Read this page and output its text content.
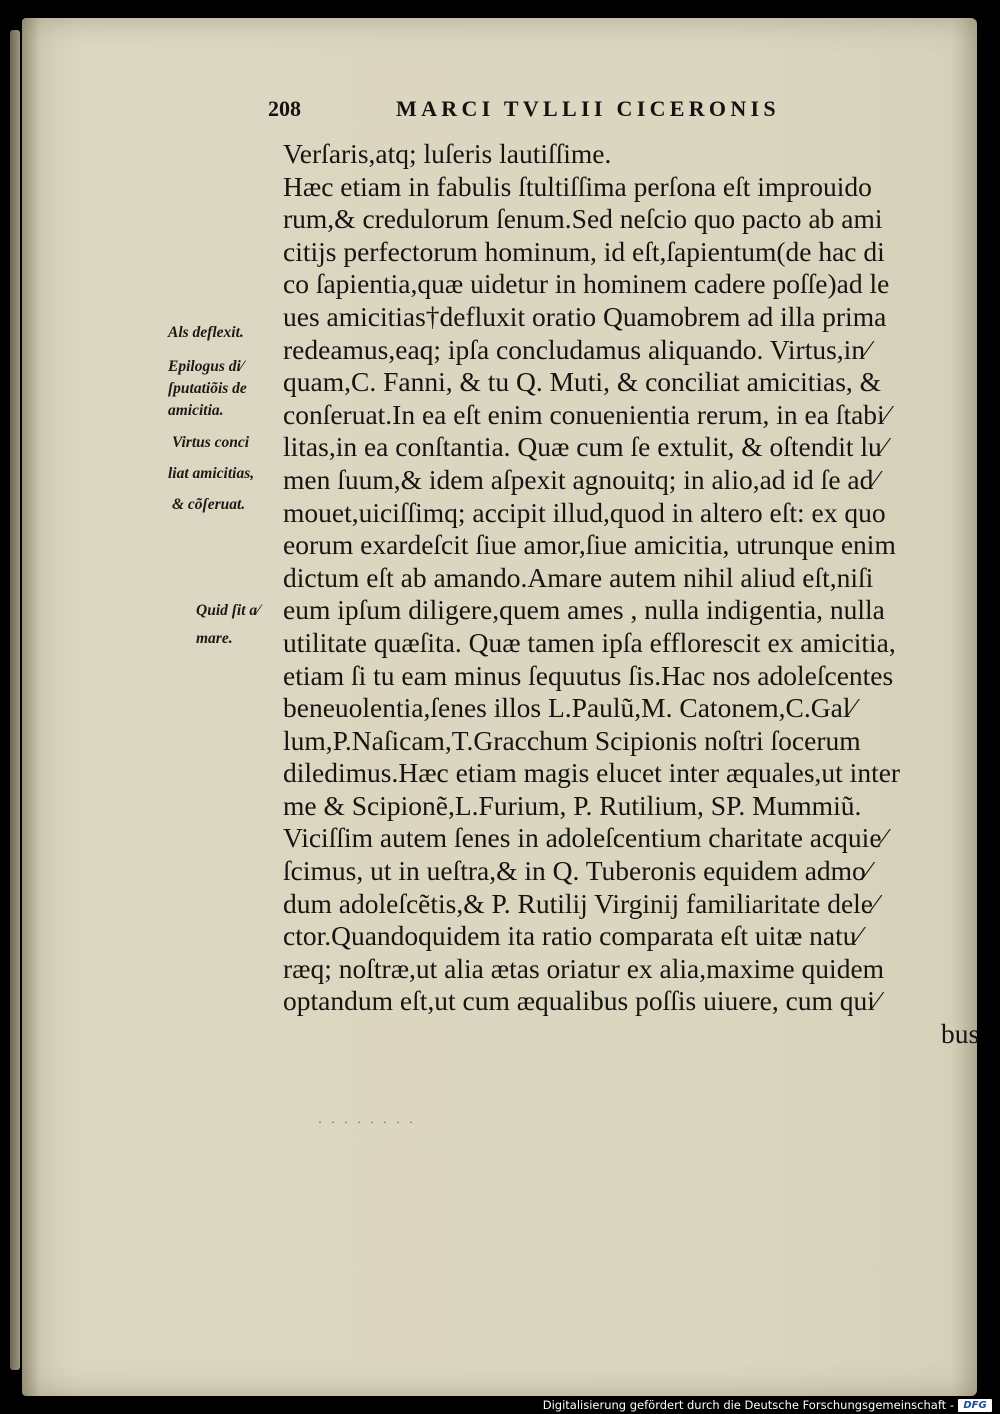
208	MARCI TVLLII CICERONIS
Verſaris,atq; luſeris lautiſſime.
Hæc etiam in fabulis ſtultiſſima perſona eſt improuido
rum,& credulorum ſenum.Sed neſcio quo pacto ab ami
citijs perfectorum hominum, id eſt,ſapientum(de hac di
co ſapientia,quæ uidetur in hominem cadere poſſe)ad le
ues amicitias†defluxit oratio Quamobrem ad illa prima
redeamus,eaq; ipſa concludamus aliquando. Virtus,in⁄
quam,C. Fanni, & tu Q. Muti, & conciliat amicitias, &
conſeruat.In ea eſt enim conuenientia rerum, in ea ſtabi⁄
litas,in ea conſtantia. Quæ cum ſe extulit, & oſtendit lu⁄
men ſuum,& idem aſpexit agnouitq; in alio,ad id ſe ad⁄
mouet,uiciſſimq; accipit illud,quod in altero eſt: ex quo
eorum exardeſcit ſiue amor,ſiue amicitia, utrunque enim
dictum eſt ab amando.Amare autem nihil aliud eſt,niſi
eum ipſum diligere,quem ames , nulla indigentia, nulla
utilitate quæſita. Quæ tamen ipſa efflorescit ex amicitia,
etiam ſi tu eam minus ſequutus ſis.Hac nos adoleſcentes
beneuolentia,ſenes illos L.Paulũ,M. Catonem,C.Gal⁄
lum,P.Naſicam,T.Gracchum Scipionis noſtri ſocerum
diledimus.Hæc etiam magis elucet inter æquales,ut inter
me & Scipionẽ,L.Furium, P. Rutilium, SP. Mummiũ.
Viciſſim autem ſenes in adoleſcentium charitate acquie⁄
ſcimus, ut in ueſtra,& in Q. Tuberonis equidem admo⁄
dum adoleſcẽtis,& P. Rutilij Virginij familiaritate dele⁄
ctor.Quandoquidem ita ratio comparata eſt uitæ natu⁄
ræq; noſtræ,ut alia ætas oriatur ex alia,maxime quidem
optandum eſt,ut cum æqualibus poſſis uiuere, cum qui⁄
bus
Als deflexit.
Epilogus di⁄
ſputatiõis de
amicitia.
Virtus conci
liat amicitias,
& cõſeruat.
Quid ſit a⁄
mare.
· · · · · · · ·
Digitalisierung gefördert durch die Deutsche Forschungsgemeinschaft - DFG
